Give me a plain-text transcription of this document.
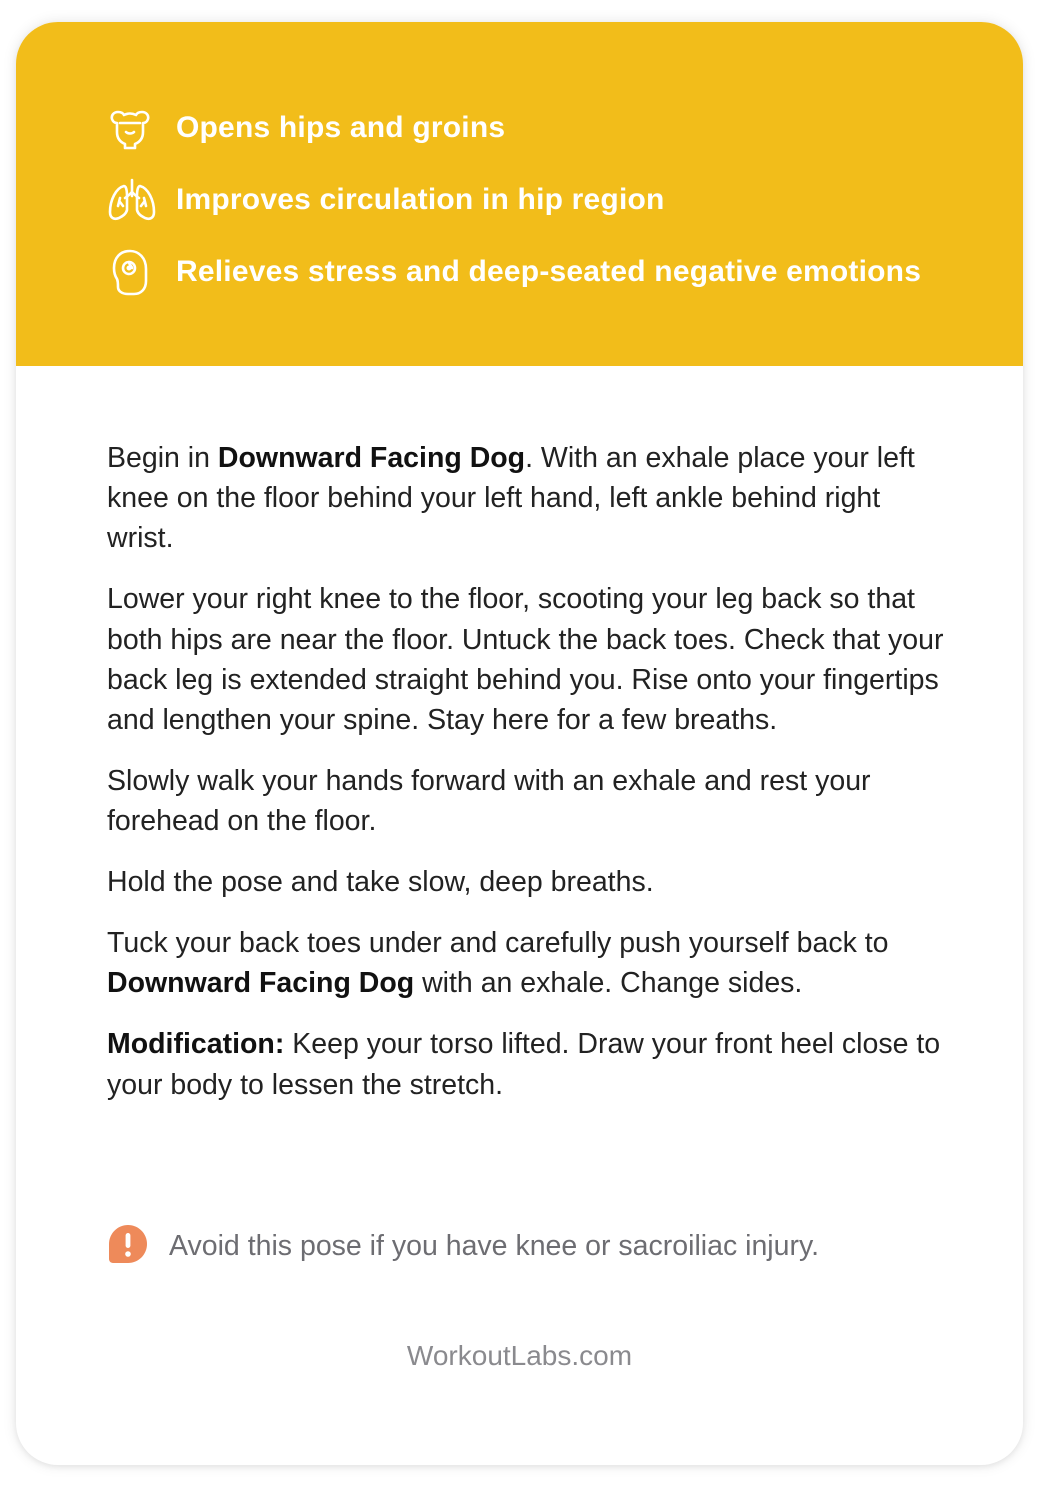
Opens hips and groins
Improves circulation in hip region
Relieves stress and deep-seated negative emotions

Begin in Downward Facing Dog. With an exhale place your left knee on the floor behind your left hand, left ankle behind right wrist.

Lower your right knee to the floor, scooting your leg back so that both hips are near the floor. Untuck the back toes. Check that your back leg is extended straight behind you. Rise onto your fingertips and lengthen your spine. Stay here for a few breaths.

Slowly walk your hands forward with an exhale and rest your forehead on the floor.

Hold the pose and take slow, deep breaths.

Tuck your back toes under and carefully push yourself back to Downward Facing Dog with an exhale. Change sides.

Modification: Keep your torso lifted. Draw your front heel close to your body to lessen the stretch.

Avoid this pose if you have knee or sacroiliac injury.
WorkoutLabs.com
